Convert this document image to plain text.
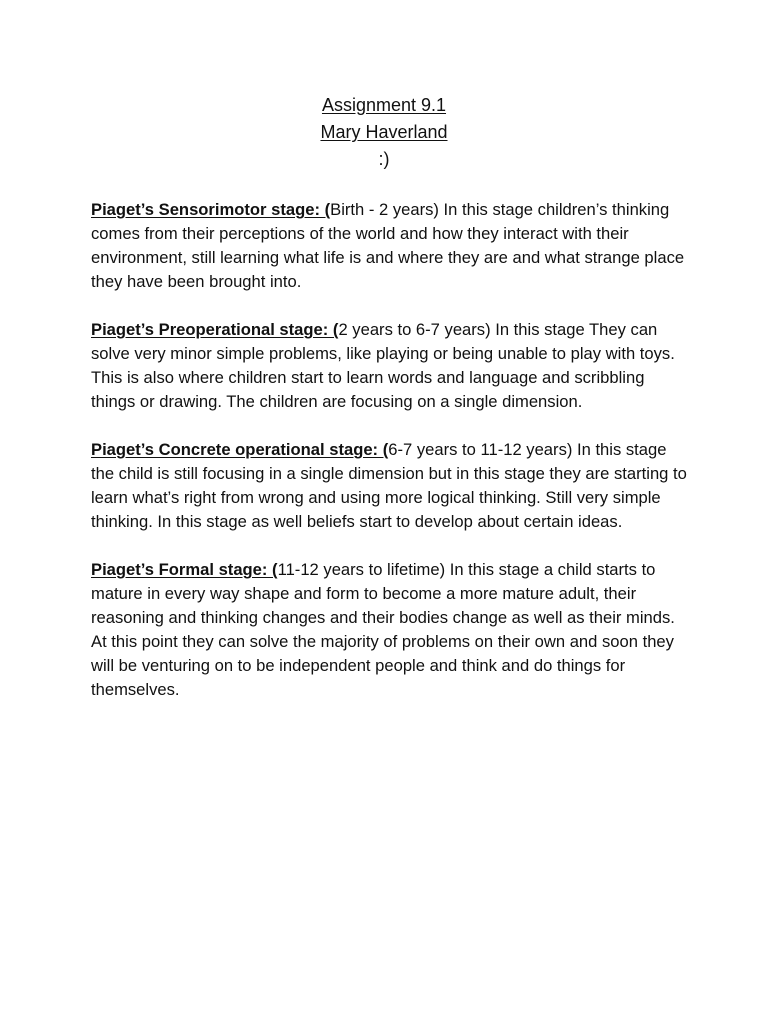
Assignment 9.1
Mary Haverland
:)

Piaget’s Sensorimotor stage: (Birth - 2 years) In this stage children’s thinking comes from their perceptions of the world and how they interact with their environment, still learning what life is and where they are and what strange place they have been brought into.

Piaget’s Preoperational stage: (2 years to 6-7 years) In this stage They can solve very minor simple problems, like playing or being unable to play with toys. This is also where children start to learn words and language and scribbling things or drawing. The children are focusing on a single dimension.

Piaget’s Concrete operational stage: (6-7 years to 11-12 years) In this stage the child is still focusing in a single dimension but in this stage they are starting to learn what’s right from wrong and using more logical thinking. Still very simple thinking. In this stage as well beliefs start to develop about certain ideas.

Piaget’s Formal stage: (11-12 years to lifetime) In this stage a child starts to mature in every way shape and form to become a more mature adult, their reasoning and thinking changes and their bodies change as well as their minds. At this point they can solve the majority of problems on their own and soon they will be venturing on to be independent people and think and do things for themselves.
